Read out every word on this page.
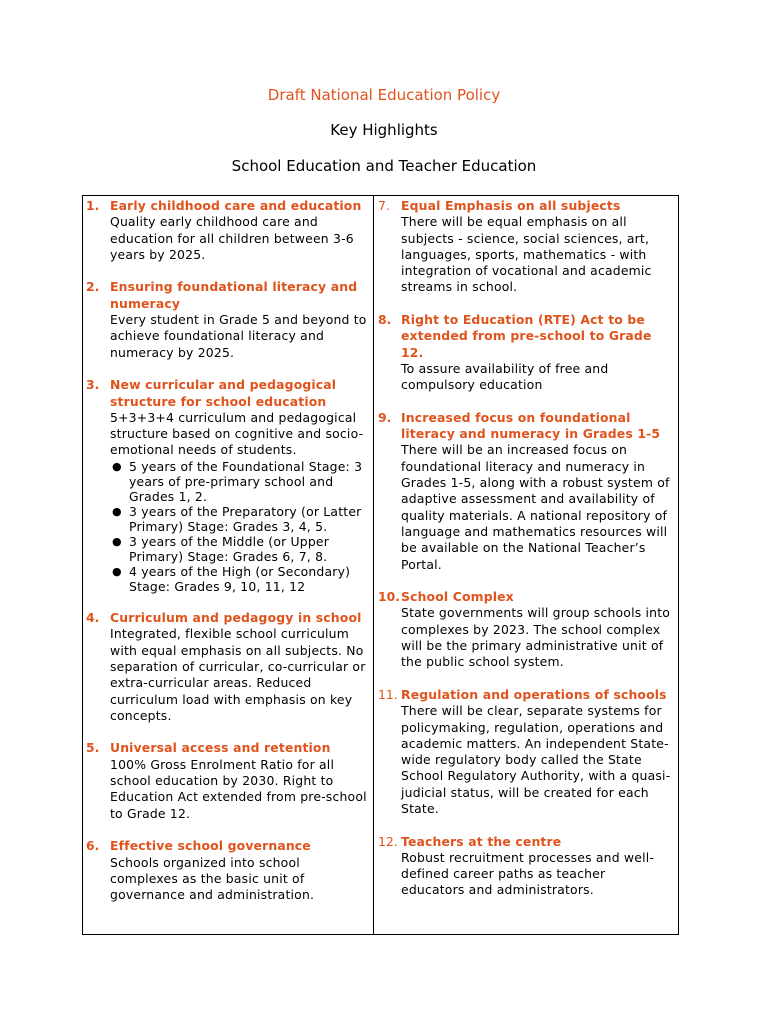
Draft National Education Policy
Key Highlights
School Education and Teacher Education
1. Early childhood care and education
Quality early childhood care and education for all children between 3-6 years by 2025.
2. Ensuring foundational literacy and numeracy
Every student in Grade 5 and beyond to achieve foundational literacy and numeracy by 2025.
3. New curricular and pedagogical structure for school education
5+3+3+4 curriculum and pedagogical structure based on cognitive and socio-emotional needs of students.
● 5 years of the Foundational Stage: 3 years of pre-primary school and Grades 1, 2.
● 3 years of the Preparatory (or Latter Primary) Stage: Grades 3, 4, 5.
● 3 years of the Middle (or Upper Primary) Stage: Grades 6, 7, 8.
● 4 years of the High (or Secondary) Stage: Grades 9, 10, 11, 12
4. Curriculum and pedagogy in school
Integrated, flexible school curriculum with equal emphasis on all subjects. No separation of curricular, co-curricular or extra-curricular areas. Reduced curriculum load with emphasis on key concepts.
5. Universal access and retention
100% Gross Enrolment Ratio for all school education by 2030. Right to Education Act extended from pre-school to Grade 12.
6. Effective school governance
Schools organized into school complexes as the basic unit of governance and administration.
7. Equal Emphasis on all subjects
There will be equal emphasis on all subjects - science, social sciences, art, languages, sports, mathematics - with integration of vocational and academic streams in school.
8. Right to Education (RTE) Act to be extended from pre-school to Grade 12.
To assure availability of free and compulsory education
9. Increased focus on foundational literacy and numeracy in Grades 1-5
There will be an increased focus on foundational literacy and numeracy in Grades 1-5, along with a robust system of adaptive assessment and availability of quality materials. A national repository of language and mathematics resources will be available on the National Teacher’s Portal.
10. School Complex
State governments will group schools into complexes by 2023. The school complex will be the primary administrative unit of the public school system.
11. Regulation and operations of schools
There will be clear, separate systems for policymaking, regulation, operations and academic matters. An independent State-wide regulatory body called the State School Regulatory Authority, with a quasi-judicial status, will be created for each State.
12. Teachers at the centre
Robust recruitment processes and well-defined career paths as teacher educators and administrators.
